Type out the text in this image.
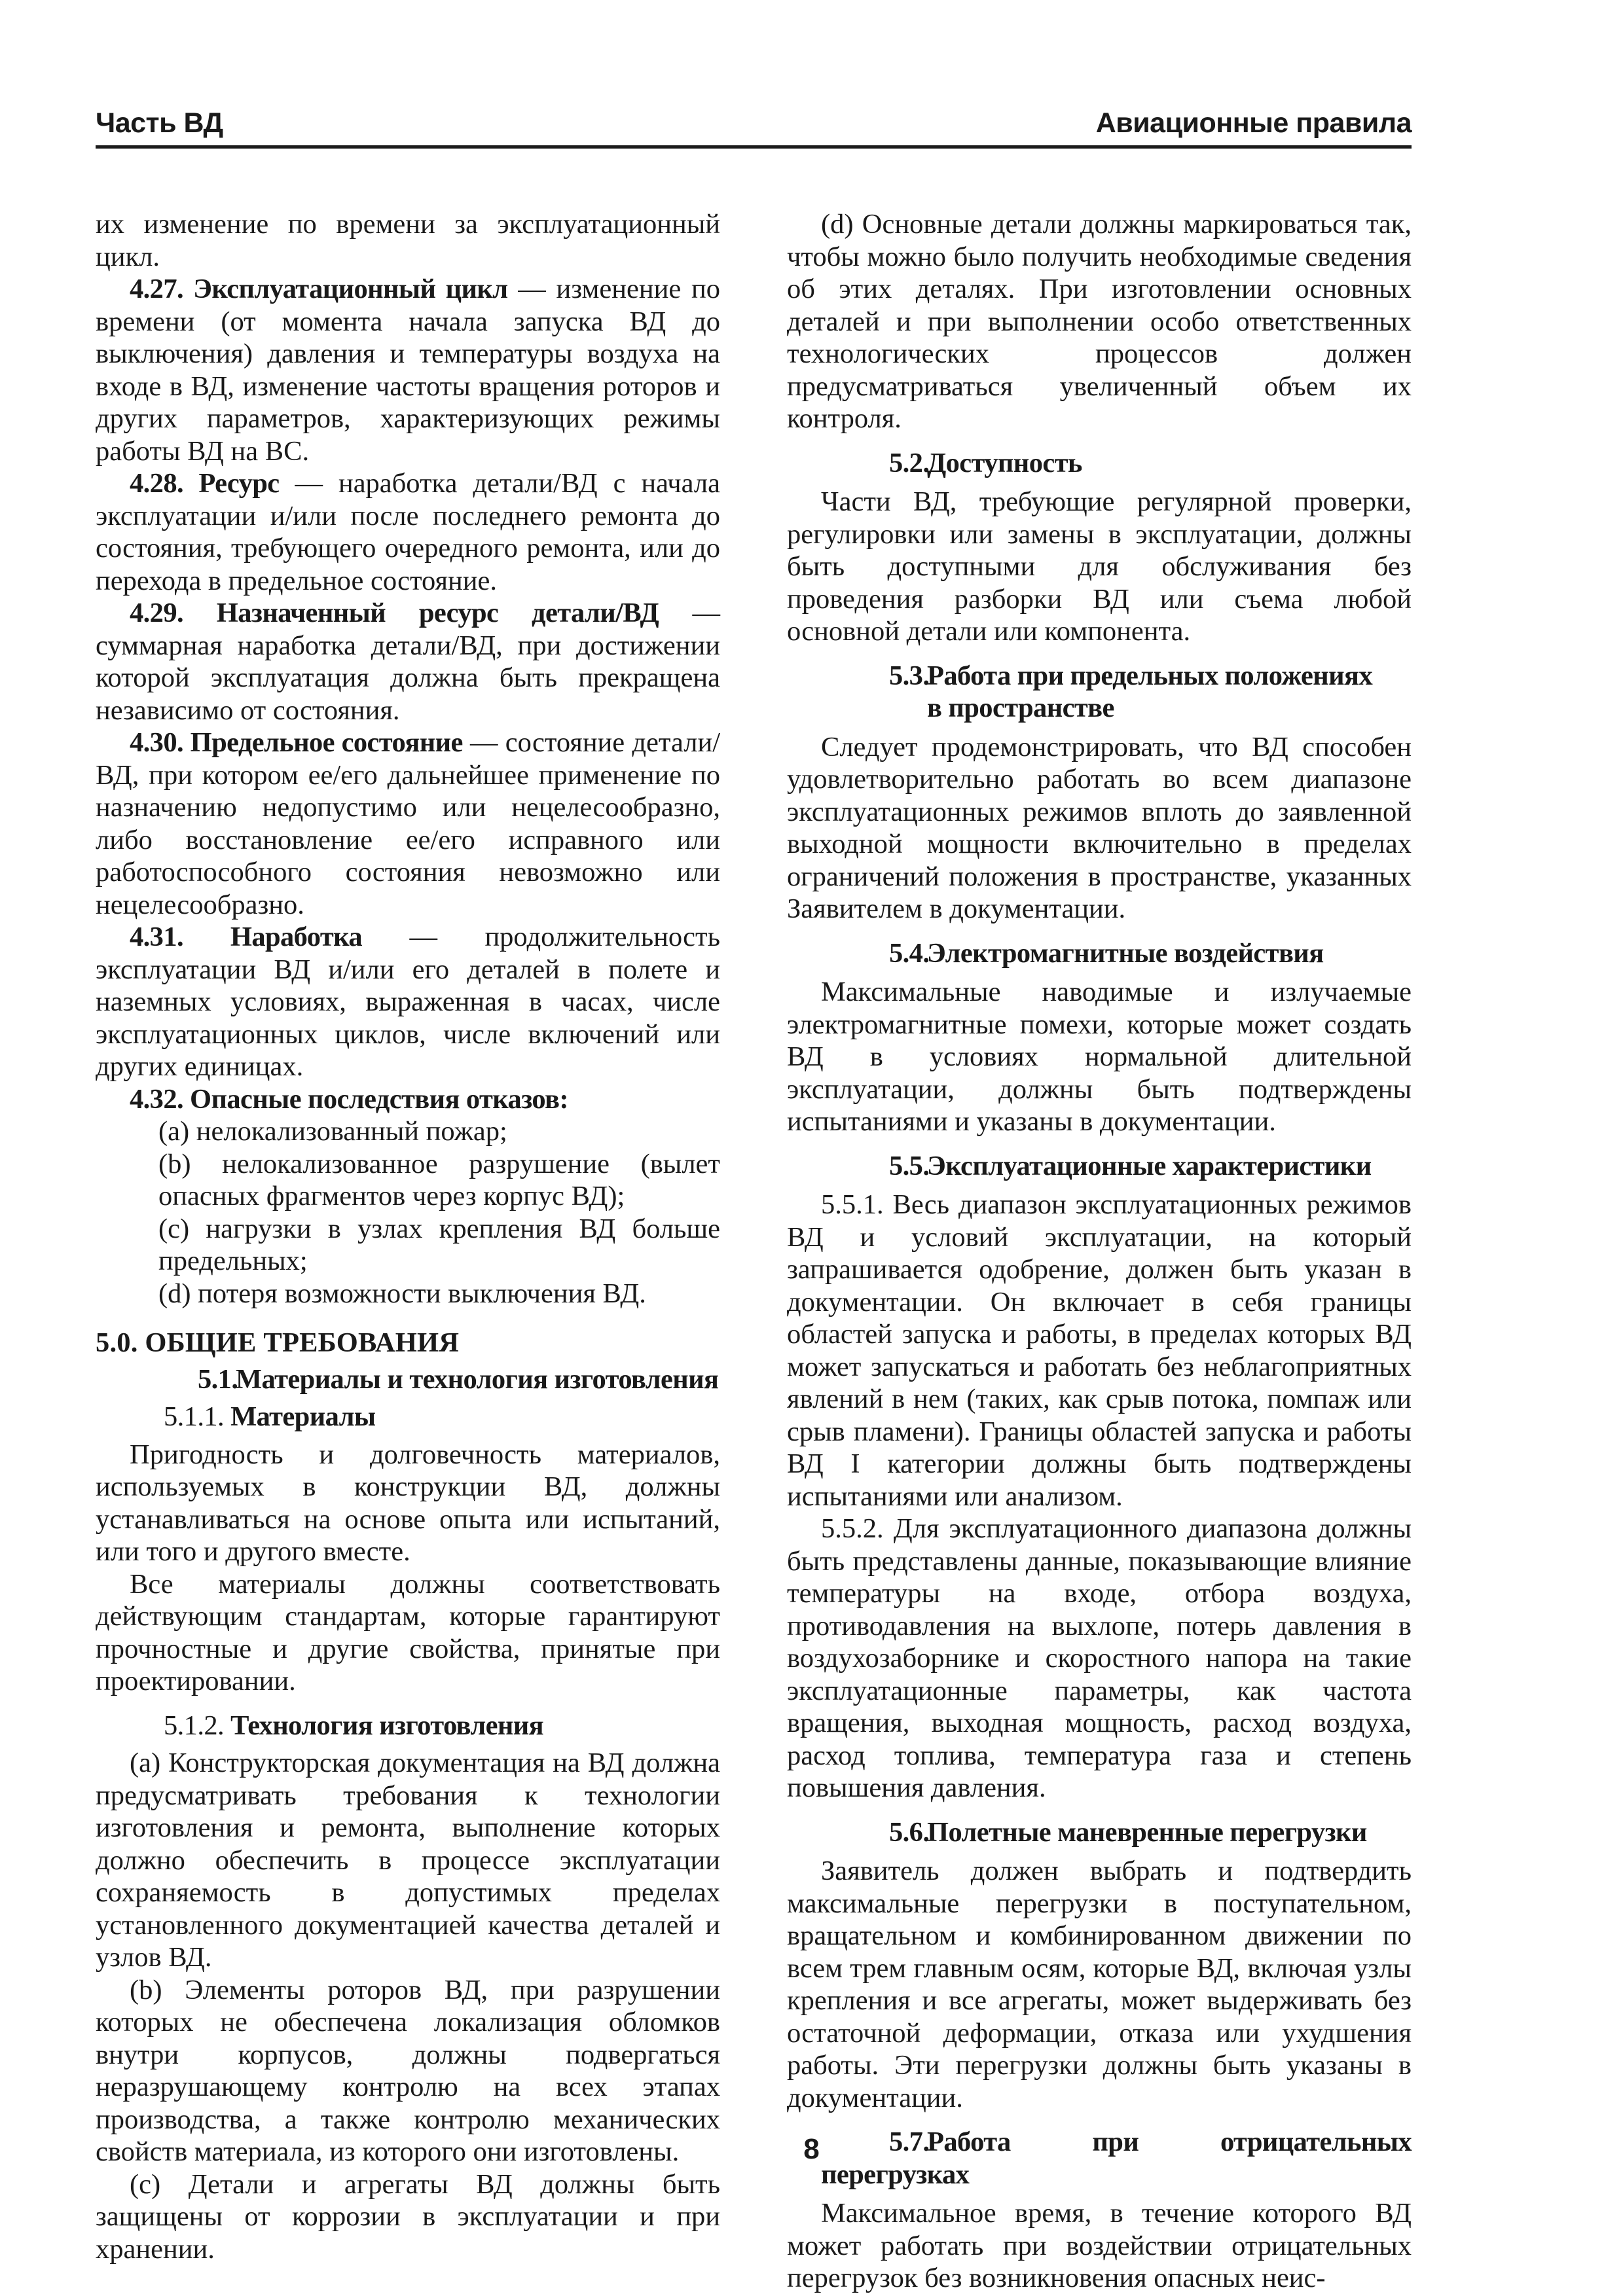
Часть ВД	Авиационные правила

их изменение по времени за эксплуатационный цикл.

4.27. Эксплуатационный цикл — изменение по времени (от момента начала запуска ВД до выключения) давления и температуры воздуха на входе в ВД, изменение частоты вращения роторов и других параметров, характеризующих режимы работы ВД на ВС.

4.28. Ресурс — наработка детали/ВД с начала эксплуатации и/или после последнего ремонта до состояния, требующего очередного ремонта, или до перехода в предельное состояние.

4.29. Назначенный ресурс детали/ВД — суммарная наработка детали/ВД, при достижении которой эксплуатация должна быть прекращена независимо от состояния.

4.30. Предельное состояние — состояние детали/ВД, при котором ее/его дальнейшее применение по назначению недопустимо или нецелесообразно, либо восстановление ее/его исправного или работоспособного состояния невозможно или нецелесообразно.

4.31. Наработка — продолжительность эксплуатации ВД и/или его деталей в полете и наземных условиях, выраженная в часах, числе эксплуатационных циклов, числе включений или других единицах.

4.32. Опасные последствия отказов:

(a) нелокализованный пожар;

(b) нелокализованное разрушение (вылет опасных фрагментов через корпус ВД);

(c) нагрузки в узлах крепления ВД больше предельных;

(d) потеря возможности выключения ВД.

5.0. ОБЩИЕ ТРЕБОВАНИЯ

5.1.Материалы и технология изготовления

5.1.1. Материалы

Пригодность и долговечность материалов, используемых в конструкции ВД, должны устанавливаться на основе опыта или испытаний, или того и другого вместе.

Все материалы должны соответствовать действующим стандартам, которые гарантируют прочностные и другие свойства, принятые при проектировании.

5.1.2. Технология изготовления

(a) Конструкторская документация на ВД должна предусматривать требования к технологии изготовления и ремонта, выполнение которых должно обеспечить в процессе эксплуатации сохраняемость в допустимых пределах установленного документацией качества деталей и узлов ВД.

(b) Элементы роторов ВД, при разрушении которых не обеспечена локализация обломков внутри корпусов, должны подвергаться неразрушающему контролю на всех этапах производства, а также контролю механических свойств материала, из которого они изготовлены.

(c) Детали и агрегаты ВД должны быть защищены от коррозии в эксплуатации и при хранении.

(d) Основные детали должны маркироваться так, чтобы можно было получить необходимые сведения об этих деталях. При изготовлении основных деталей и при выполнении особо ответственных технологических процессов должен предусматриваться увеличенный объем их контроля.

5.2.Доступность

Части ВД, требующие регулярной проверки, регулировки или замены в эксплуатации, должны быть доступными для обслуживания без проведения разборки ВД или съема любой основной детали или компонента.

5.3.Работа при предельных положениях
в пространстве

Следует продемонстрировать, что ВД способен удовлетворительно работать во всем диапазоне эксплуатационных режимов вплоть до заявленной выходной мощности включительно в пределах ограничений положения в пространстве, указанных Заявителем в документации.

5.4.Электромагнитные воздействия

Максимальные наводимые и излучаемые электромагнитные помехи, которые может создать ВД в условиях нормальной длительной эксплуатации, должны быть подтверждены испытаниями и указаны в документации.

5.5.Эксплуатационные характеристики

5.5.1. Весь диапазон эксплуатационных режимов ВД и условий эксплуатации, на который запрашивается одобрение, должен быть указан в документации. Он включает в себя границы областей запуска и работы, в пределах которых ВД может запускаться и работать без неблагоприятных явлений в нем (таких, как срыв потока, помпаж или срыв пламени). Границы областей запуска и работы ВД I категории должны быть подтверждены испытаниями или анализом.

5.5.2. Для эксплуатационного диапазона должны быть представлены данные, показывающие влияние температуры на входе, отбора воздуха, противодавления на выхлопе, потерь давления в воздухозаборнике и скоростного напора на такие эксплуатационные параметры, как частота вращения, выходная мощность, расход воздуха, расход топлива, температура газа и степень повышения давления.

5.6.Полетные маневренные перегрузки

Заявитель должен выбрать и подтвердить максимальные перегрузки в поступательном, вращательном и комбинированном движении по всем трем главным осям, которые ВД, включая узлы крепления и все агрегаты, может выдерживать без остаточной деформации, отказа или ухудшения работы. Эти перегрузки должны быть указаны в документации.

5.7.Работа при отрицательных перегрузках

Максимальное время, в течение которого ВД может работать при воздействии отрицательных перегрузок без возникновения опасных неис-

8
